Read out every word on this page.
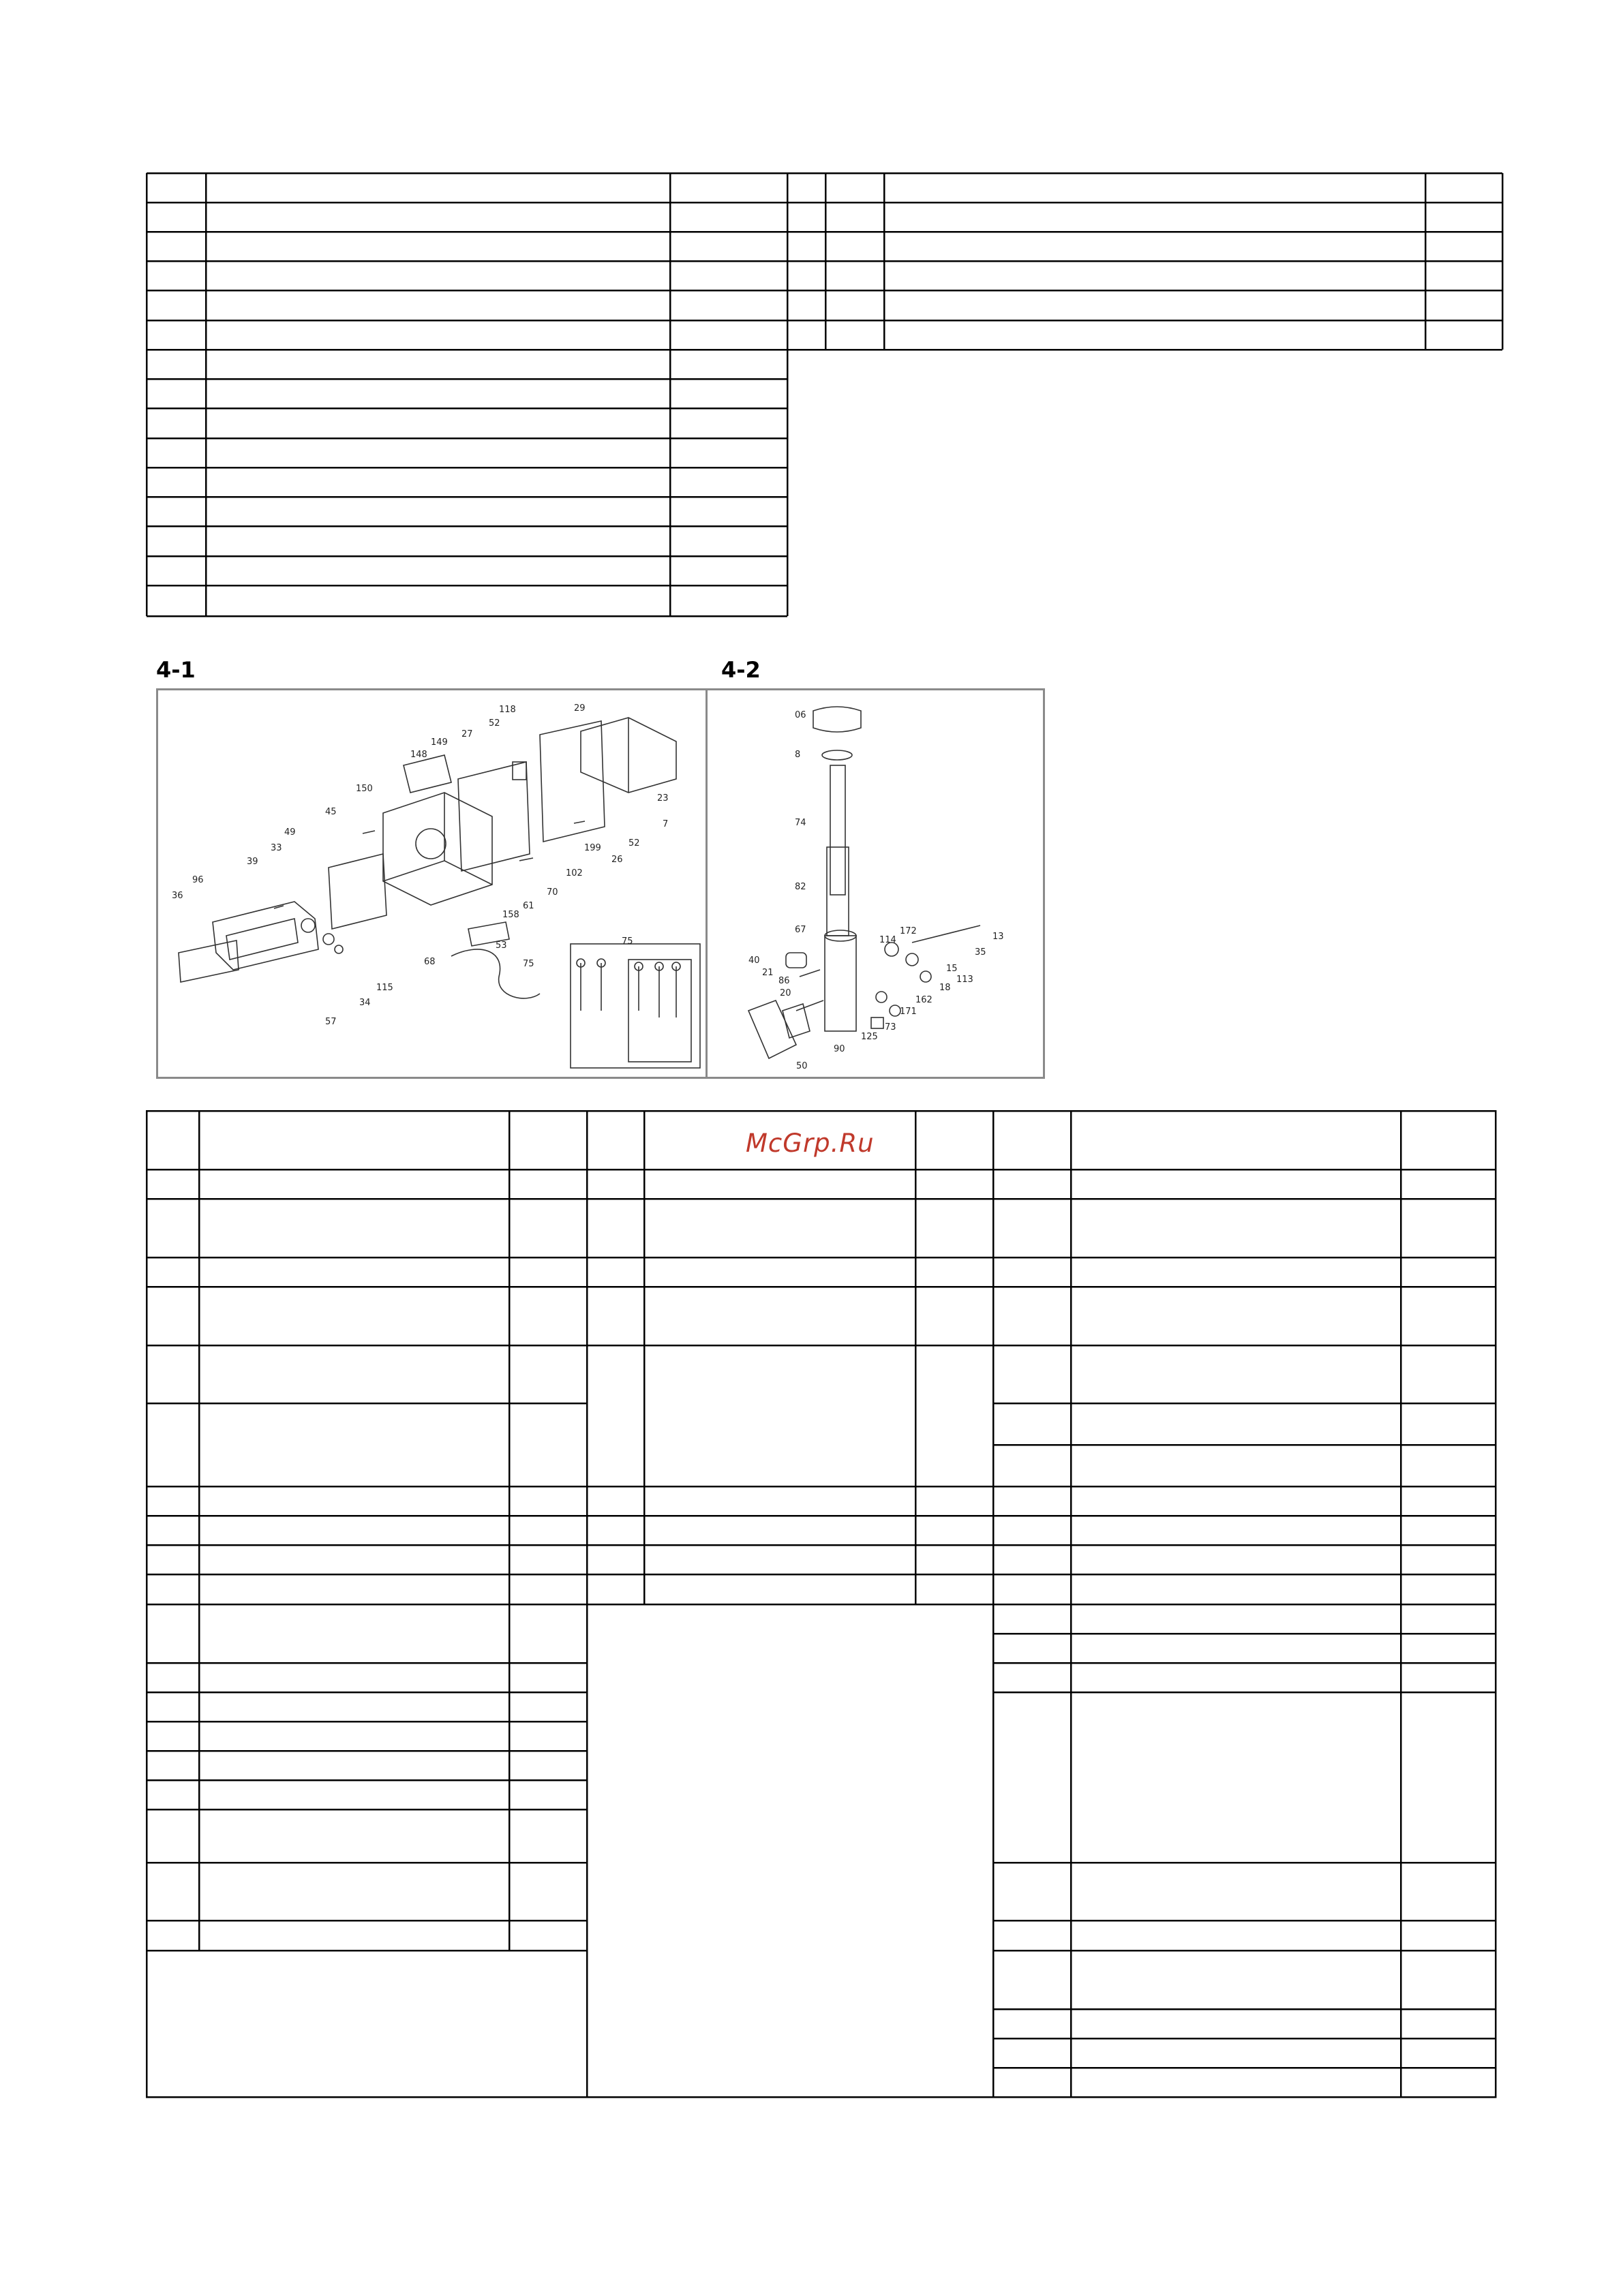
4-1	4-2
29
118
52
27
149
148
23
150
7
199	52
45
26
102
49
33
39
96
36	70
61
158
115
68
53
75
34
57
75
06
8
74
82
67	172
114	13
35
40
21
86
20
15
113
18
162
171
73
125
90
50
McGrp.Ru
